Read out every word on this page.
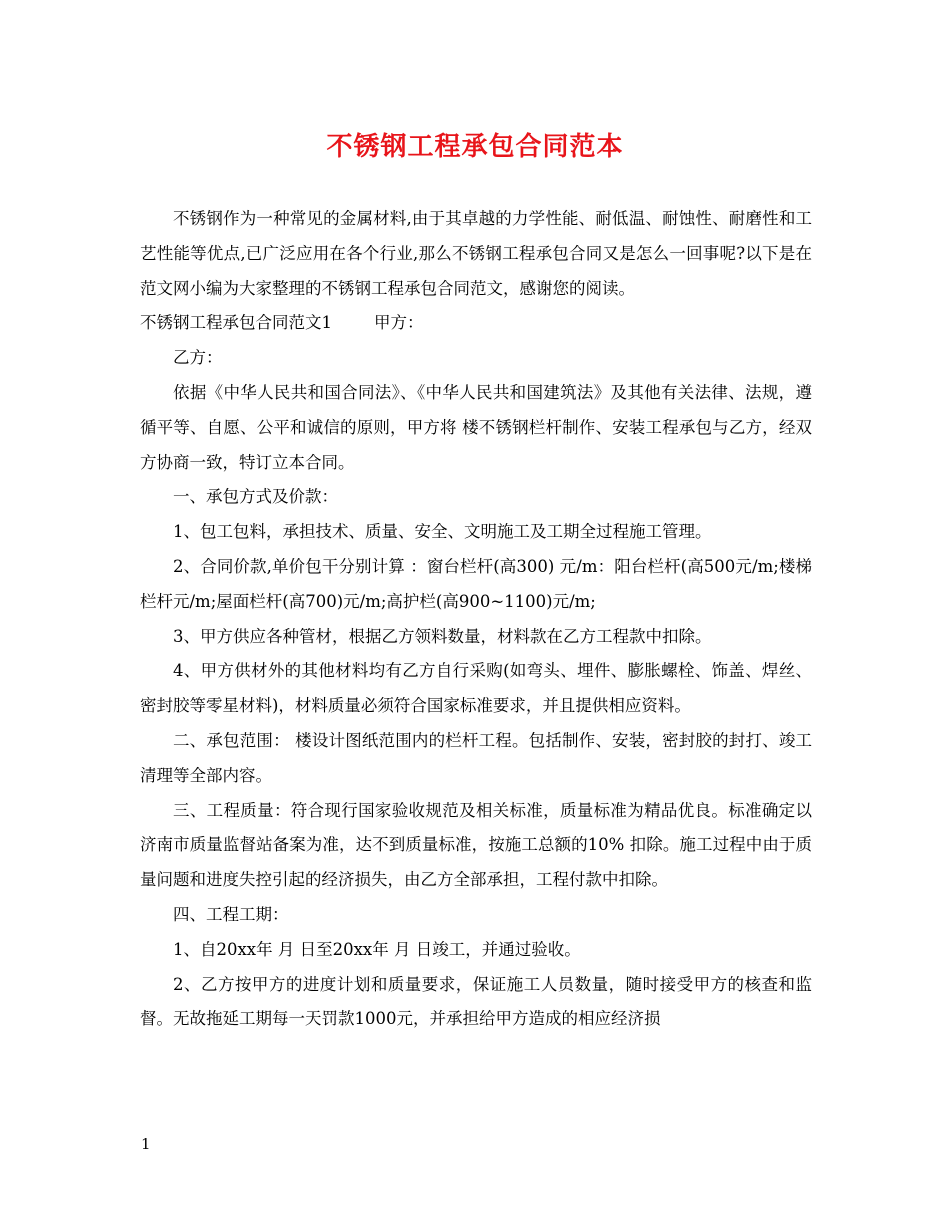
不锈钢工程承包合同范本

不锈钢作为一种常见的金属材料,由于其卓越的力学性能、耐低温、耐蚀性、耐磨性和工艺性能等优点,已广泛应用在各个行业,那么不锈钢工程承包合同又是怎么一回事呢?以下是在范文网小编为大家整理的不锈钢工程承包合同范文，感谢您的阅读。

不锈钢工程承包合同范文1	甲方：

乙方：

依据《中华人民共和国合同法》、《中华人民共和国建筑法》及其他有关法律、法规，遵循平等、自愿、公平和诚信的原则，甲方将 楼不锈钢栏杆制作、安装工程承包与乙方，经双方协商一致，特订立本合同。

一、承包方式及价款：

1、包工包料，承担技术、质量、安全、文明施工及工期全过程施工管理。

2、合同价款,单价包干分别计算 ：窗台栏杆(高300) 元/m：阳台栏杆(高500元/m;楼梯栏杆元/m;屋面栏杆(高700)元/m;高护栏(高900~1100)元/m;

3、甲方供应各种管材，根据乙方领料数量，材料款在乙方工程款中扣除。

4、甲方供材外的其他材料均有乙方自行采购(如弯头、埋件、膨胀螺栓、饰盖、焊丝、密封胶等零星材料)，材料质量必须符合国家标准要求，并且提供相应资料。

二、承包范围： 楼设计图纸范围内的栏杆工程。包括制作、安装，密封胶的封打、竣工清理等全部内容。

三、工程质量：符合现行国家验收规范及相关标准，质量标准为精品优良。标准确定以济南市质量监督站备案为准，达不到质量标准，按施工总额的10% 扣除。施工过程中由于质量问题和进度失控引起的经济损失，由乙方全部承担，工程付款中扣除。

四、工程工期：

1、自20xx年 月 日至20xx年 月 日竣工，并通过验收。

2、乙方按甲方的进度计划和质量要求，保证施工人员数量，随时接受甲方的核查和监督。无故拖延工期每一天罚款1000元，并承担给甲方造成的相应经济损

1
